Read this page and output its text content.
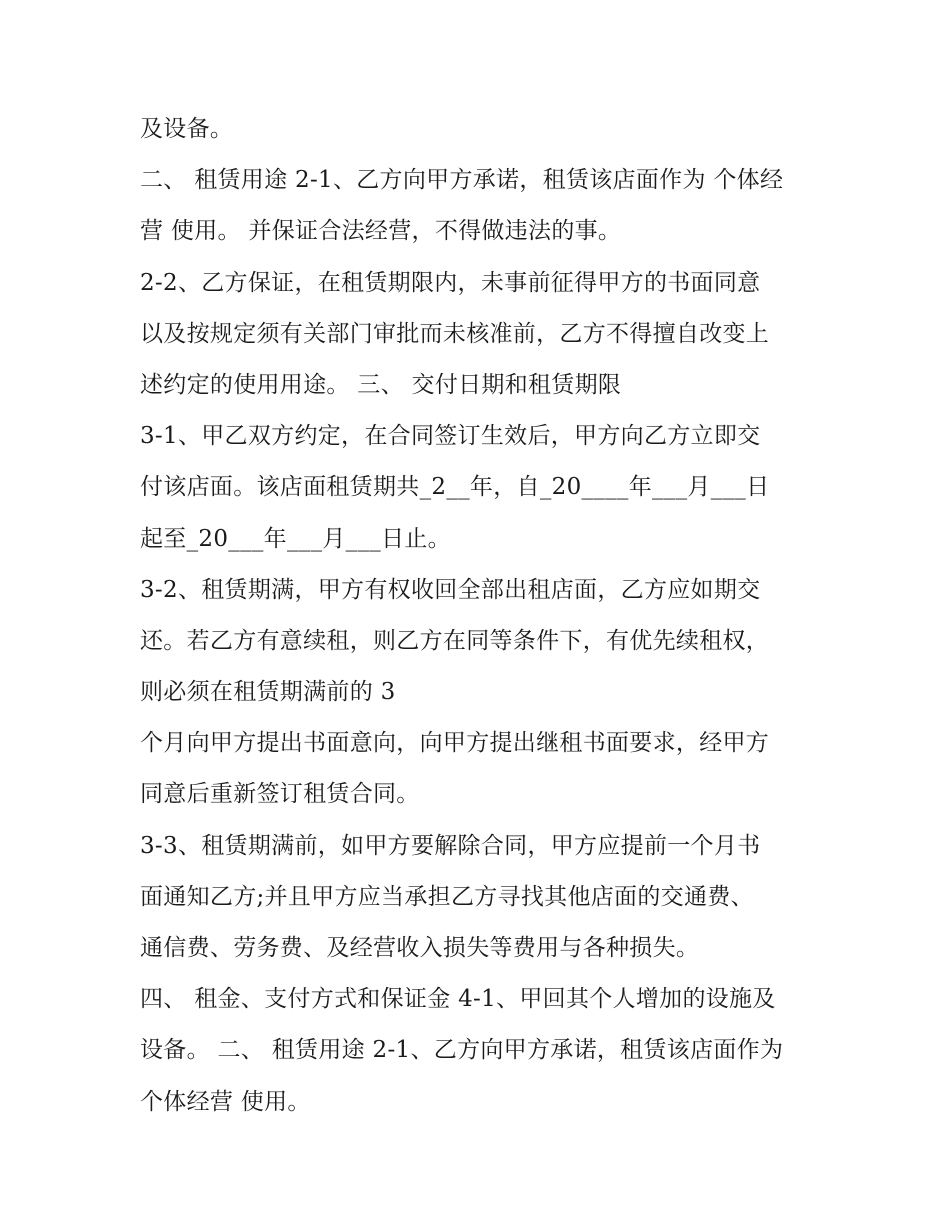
及设备。
二、 租赁用途 2-1、乙方向甲方承诺，租赁该店面作为 个体经
营 使用。 并保证合法经营，不得做违法的事。
2-2、乙方保证，在租赁期限内，未事前征得甲方的书面同意
以及按规定须有关部门审批而未核准前，乙方不得擅自改变上
述约定的使用用途。 三、 交付日期和租赁期限
3-1、甲乙双方约定，在合同签订生效后，甲方向乙方立即交
付该店面。该店面租赁期共_2__年，自_20____年___月___日
起至_20___年___月___日止。
3-2、租赁期满，甲方有权收回全部出租店面，乙方应如期交
还。若乙方有意续租，则乙方在同等条件下，有优先续租权，
则必须在租赁期满前的 3
个月向甲方提出书面意向，向甲方提出继租书面要求，经甲方
同意后重新签订租赁合同。
3-3、租赁期满前，如甲方要解除合同，甲方应提前一个月书
面通知乙方;并且甲方应当承担乙方寻找其他店面的交通费、
通信费、劳务费、及经营收入损失等费用与各种损失。
四、 租金、支付方式和保证金 4-1、甲回其个人增加的设施及
设备。 二、 租赁用途 2-1、乙方向甲方承诺，租赁该店面作为
个体经营 使用。
